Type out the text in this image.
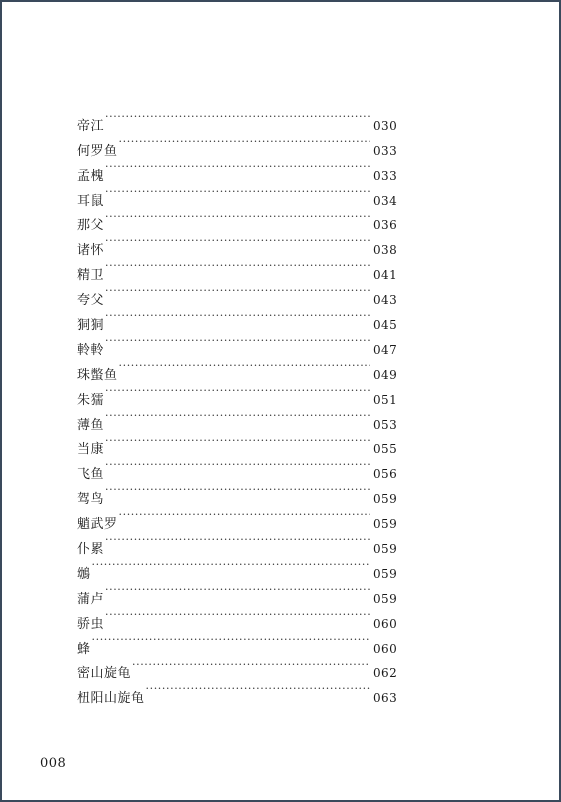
帝江 ·····	030
何罗鱼 ·····	033
孟槐 ·····	033
耳鼠 ·····	034
那父 ·····	036
诸怀 ·····	038
精卫 ·····	041
夸父 ·····	043
狪狪 ·····	045
軨軨 ·····	047
珠蟞鱼 ·····	049
朱獳 ·····	051
薄鱼 ·····	053
当康 ·····	055
飞鱼 ·····	056
驾鸟 ·····	059
魈武罗 ·····	059
仆累 ·····	059
鴢 ·····	059
蒲卢 ·····	059
骄虫 ·····	060
蜂 ·····	060
密山旋龟 ·····	062
杻阳山旋龟 ·····	063
008
